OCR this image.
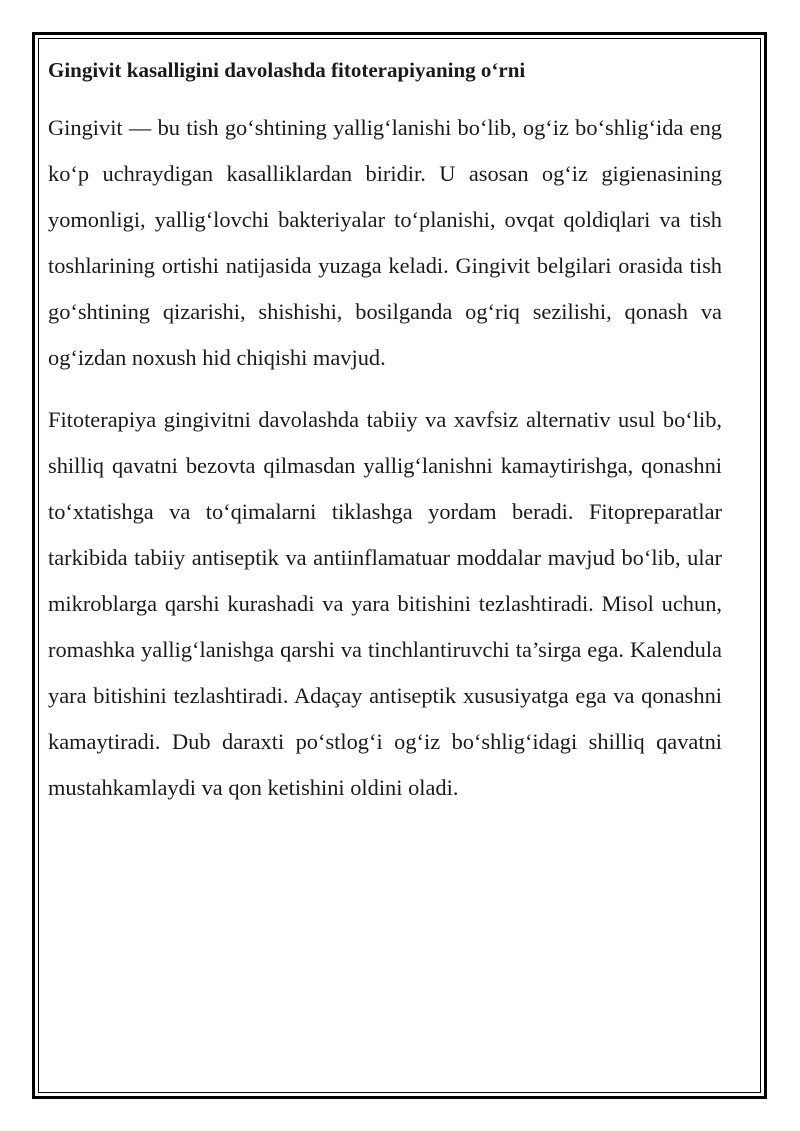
Gingivit kasalligini davolashda fitoterapiyaning o‘rni

Gingivit — bu tish go‘shtining yallig‘lanishi bo‘lib, og‘iz bo‘shlig‘ida eng ko‘p uchraydigan kasalliklardan biridir. U asosan og‘iz gigienasining yomonligi, yallig‘lovchi bakteriyalar to‘planishi, ovqat qoldiqlari va tish toshlarining ortishi natijasida yuzaga keladi. Gingivit belgilari orasida tish go‘shtining qizarishi, shishishi, bosilganda og‘riq sezilishi, qonash va og‘izdan noxush hid chiqishi mavjud.

Fitoterapiya gingivitni davolashda tabiiy va xavfsiz alternativ usul bo‘lib, shilliq qavatni bezovta qilmasdan yallig‘lanishni kamaytirishga, qonashni to‘xtatishga va to‘qimalarni tiklashga yordam beradi. Fitopreparatlar tarkibida tabiiy antiseptik va antiinflamatuar moddalar mavjud bo‘lib, ular mikroblarga qarshi kurashadi va yara bitishini tezlashtiradi. Misol uchun, romashka yallig‘lanishga qarshi va tinchlantiruvchi ta’sirga ega. Kalendula yara bitishini tezlashtiradi. Adaçay antiseptik xususiyatga ega va qonashni kamaytiradi. Dub daraxti po‘stlog‘i og‘iz bo‘shlig‘idagi shilliq qavatni mustahkamlaydi va qon ketishini oldini oladi.
